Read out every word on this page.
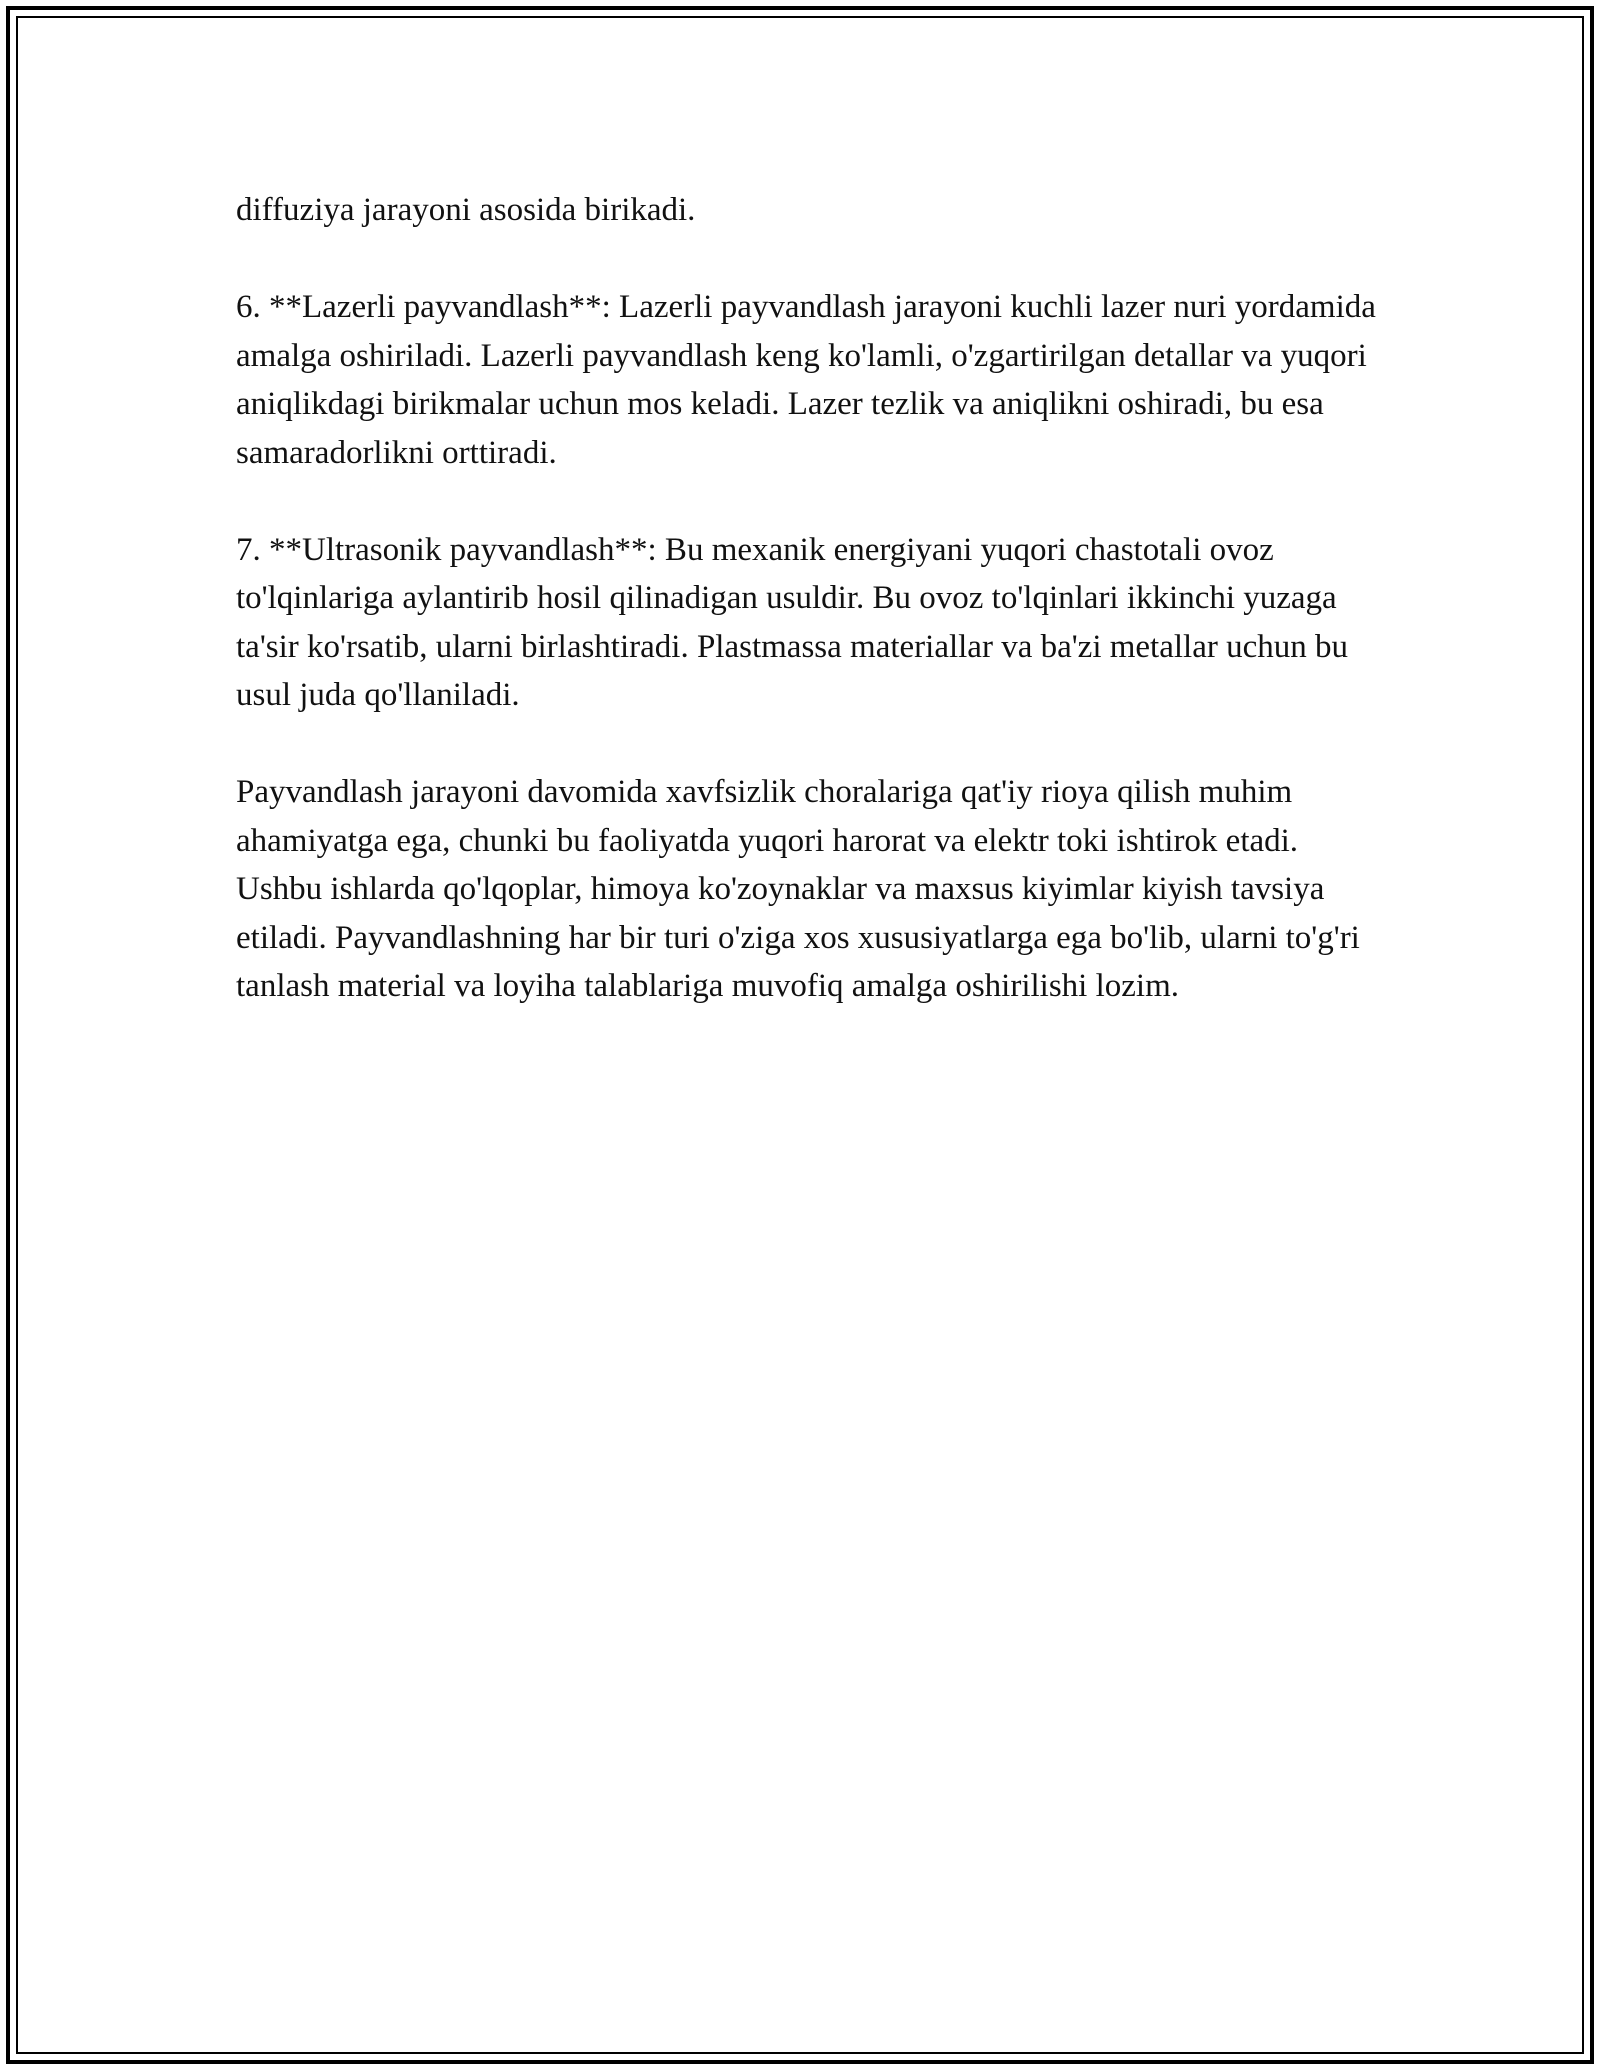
diffuziya jarayoni asosida birikadi.

6. **Lazerli payvandlash**: Lazerli payvandlash jarayoni kuchli lazer nuri yordamida amalga oshiriladi. Lazerli payvandlash keng ko'lamli, o'zgartirilgan detallar va yuqori aniqlikdagi birikmalar uchun mos keladi. Lazer tezlik va aniqlikni oshiradi, bu esa samaradorlikni orttiradi.

7. **Ultrasonik payvandlash**: Bu mexanik energiyani yuqori chastotali ovoz to'lqinlariga aylantirib hosil qilinadigan usuldir. Bu ovoz to'lqinlari ikkinchi yuzaga ta'sir ko'rsatib, ularni birlashtiradi. Plastmassa materiallar va ba'zi metallar uchun bu usul juda qo'llaniladi.

Payvandlash jarayoni davomida xavfsizlik choralariga qat'iy rioya qilish muhim ahamiyatga ega, chunki bu faoliyatda yuqori harorat va elektr toki ishtirok etadi. Ushbu ishlarda qo'lqoplar, himoya ko'zoynaklar va maxsus kiyimlar kiyish tavsiya etiladi. Payvandlashning har bir turi o'ziga xos xususiyatlarga ega bo'lib, ularni to'g'ri tanlash material va loyiha talablariga muvofiq amalga oshirilishi lozim.
